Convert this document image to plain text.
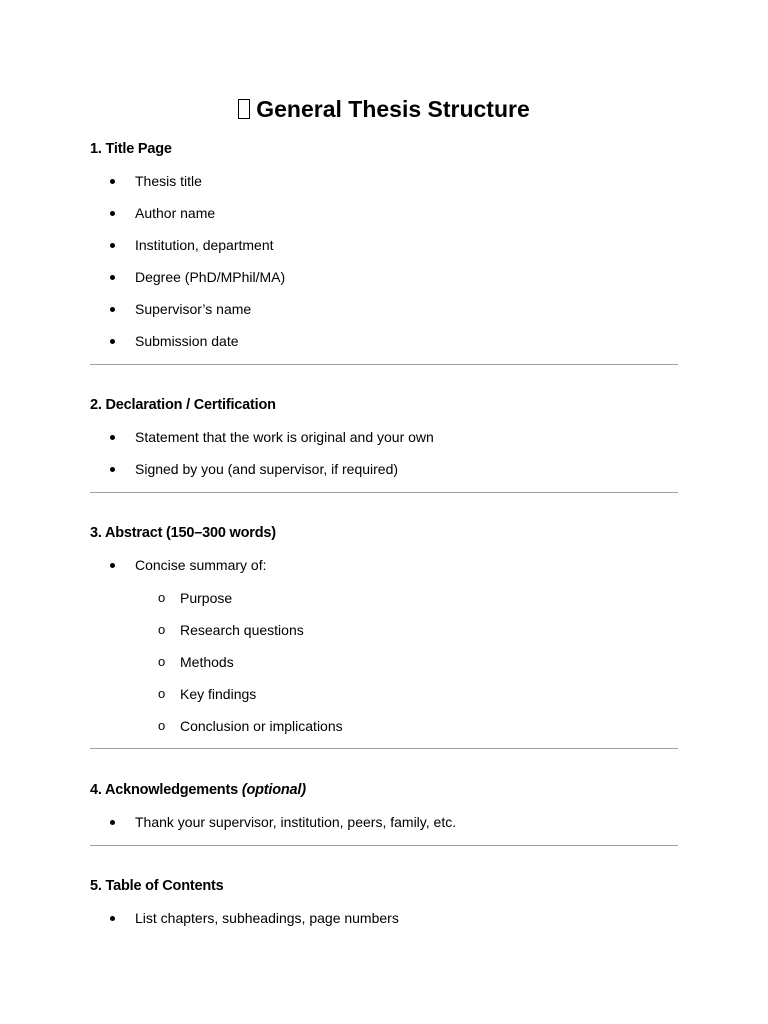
General Thesis Structure
1. Title Page
Thesis title
Author name
Institution, department
Degree (PhD/MPhil/MA)
Supervisor’s name
Submission date
2. Declaration / Certification
Statement that the work is original and your own
Signed by you (and supervisor, if required)
3. Abstract (150–300 words)
Concise summary of:
o Purpose
o Research questions
o Methods
o Key findings
o Conclusion or implications
4. Acknowledgements (optional)
Thank your supervisor, institution, peers, family, etc.
5. Table of Contents
List chapters, subheadings, page numbers
